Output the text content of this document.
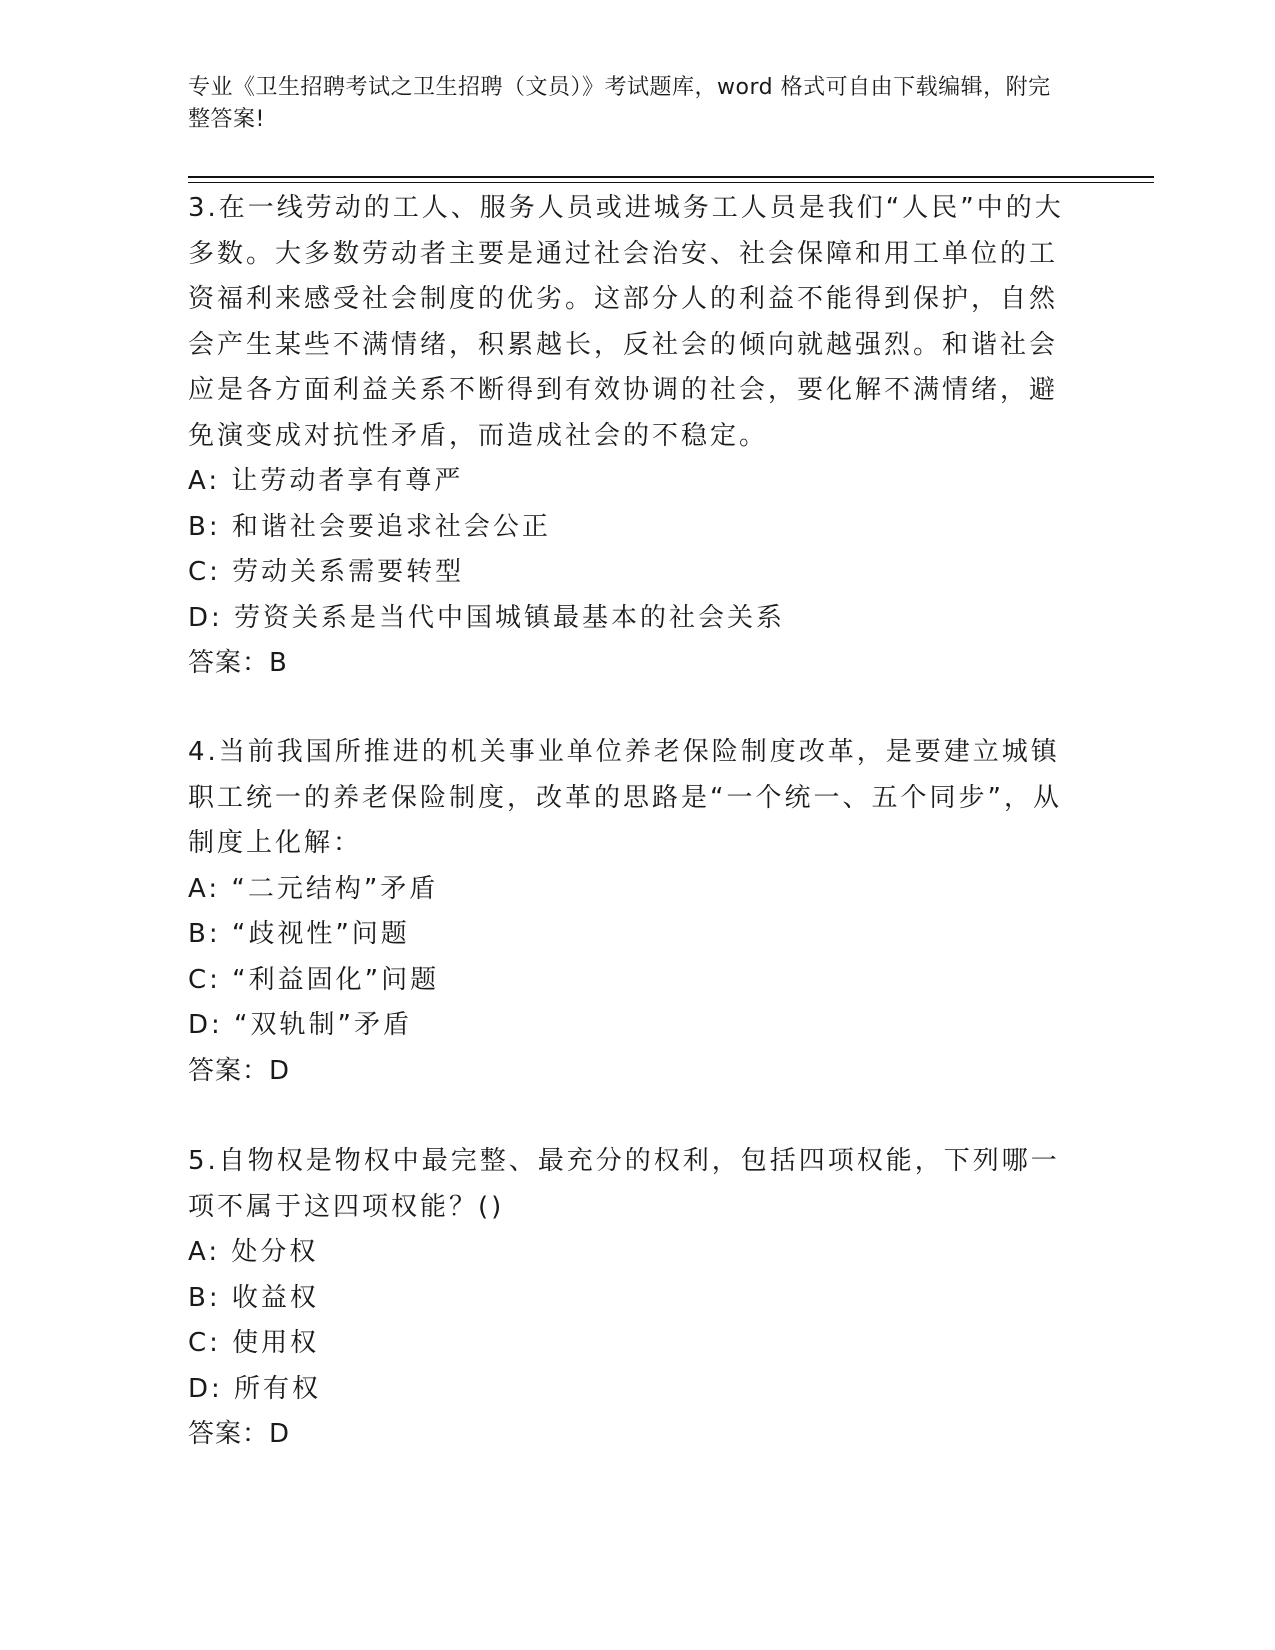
专业《卫生招聘考试之卫生招聘（文员）》考试题库，word 格式可自由下载编辑，附完整答案!

3.在一线劳动的工人、服务人员或进城务工人员是我们“人民”中的大多数。大多数劳动者主要是通过社会治安、社会保障和用工单位的工资福利来感受社会制度的优劣。这部分人的利益不能得到保护，自然会产生某些不满情绪，积累越长，反社会的倾向就越强烈。和谐社会应是各方面利益关系不断得到有效协调的社会，要化解不满情绪，避免演变成对抗性矛盾，而造成社会的不稳定。

A: 让劳动者享有尊严

B: 和谐社会要追求社会公正

C: 劳动关系需要转型

D: 劳资关系是当代中国城镇最基本的社会关系

答案：B

4.当前我国所推进的机关事业单位养老保险制度改革，是要建立城镇职工统一的养老保险制度，改革的思路是“一个统一、五个同步”，从制度上化解：

A: “二元结构”矛盾

B: “歧视性”问题

C: “利益固化”问题

D: “双轨制”矛盾

答案：D

5.自物权是物权中最完整、最充分的权利，包括四项权能，下列哪一项不属于这四项权能？()

A: 处分权

B: 收益权

C: 使用权

D: 所有权

答案：D
